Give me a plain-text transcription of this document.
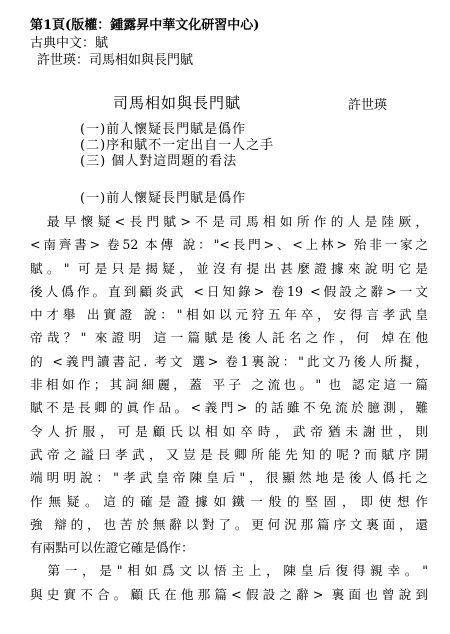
第1頁(版權：鍾露昇中華文化研習中心)
古典中文：賦
許世瑛：司馬相如與長門賦
司馬相如與長門賦	許世瑛
(一)前人懷疑長門賦是僞作
(二)序和賦不一定出自一人之手
(三) 個人對這問題的看法
(一)前人懷疑長門賦是僞作
　最早懷疑<長門賦>不是司馬相如所作的人是陸厥，
<南齊書> 卷52 本傳 說："<長門>、<上林> 殆非一家之
賦。" 可是只是揭疑，並沒有提出甚麼證據來說明它是
後人僞作。直到顧炎武 <日知錄> 卷19 <假設之辭>一文
中才舉 出實證 說："相如以元狩五年卒，安得言孝武皇
帝哉？" 來證明 這一篇賦是後人託名之作，何 焯在他
的 <義門讀書記. 考文 選> 卷1裏說："此文乃後人所擬，
非相如作；其詞細麗，蓋 平子 之流也。" 也 認定這一篇
賦不是長卿的眞作品。<義門> 的話雖不免流於臆測，難
令人折服，可是顧氏以相如卒時，武帝猶未謝世，則
武帝之謚曰孝武，又豈是長卿所能先知的呢?而賦序開
端明明說："孝武皇帝陳皇后"，很顯然地是後人僞托之
作無疑。這的確是證據如鐵一般的堅固，即使想作
強 辯的，也苦於無辭以對了。更何況那篇序文裏面，還
有兩點可以佐證它確是僞作：
　第一，是"相如爲文以悟主上，陳皇后復得親幸。"
與史實不合。顧氏在他那篇<假設之辭> 裏面也曾說到
